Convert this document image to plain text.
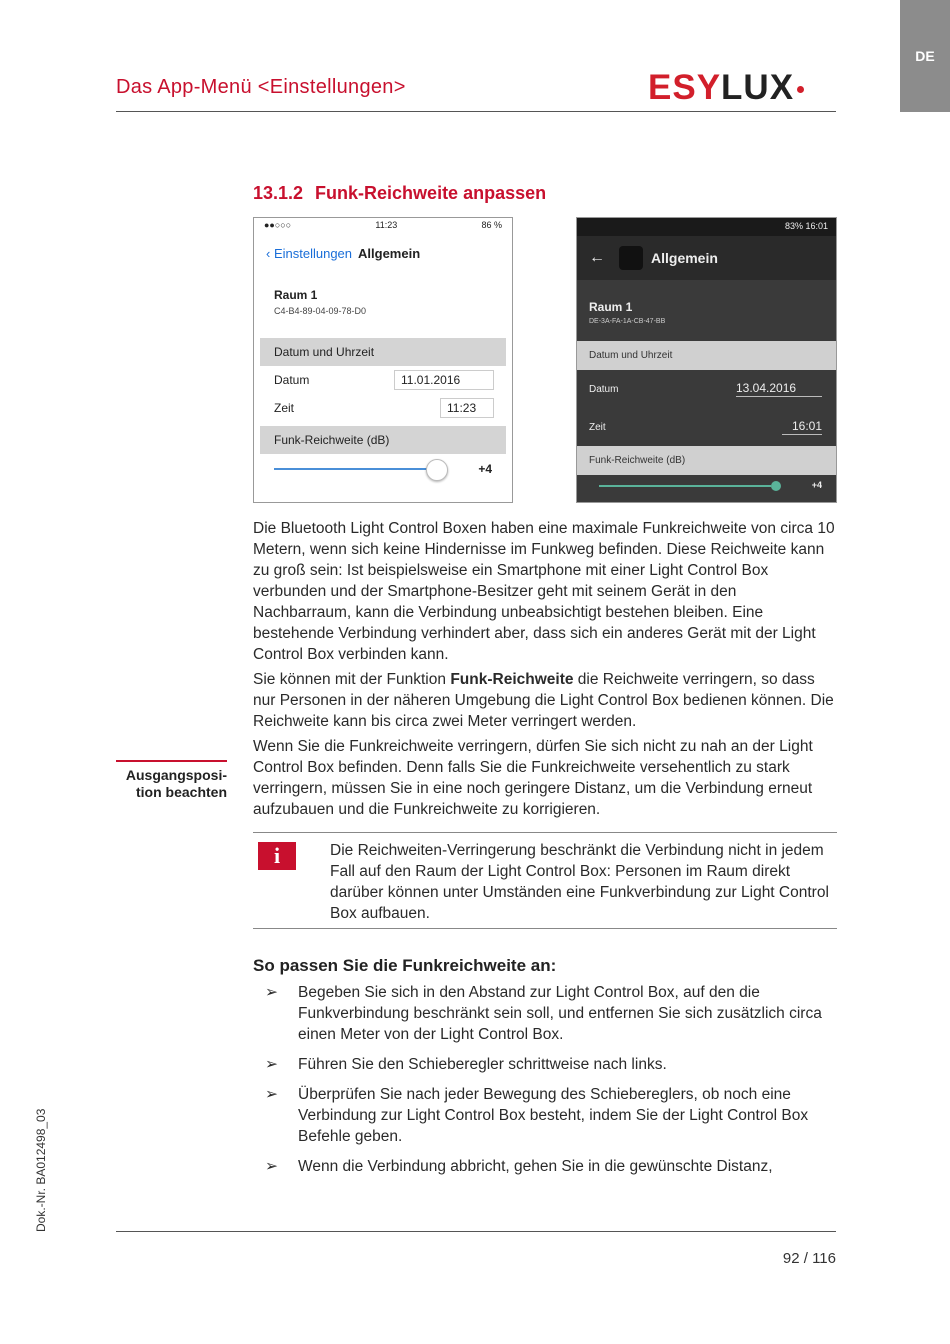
DE
Das App-Menü <Einstellungen>	ESYLUX
13.1.2 Funk-Reichweite anpassen
●●○○○	11:23	86 %
‹ Einstellungen Allgemein
Raum 1
C4-B4-89-04-09-78-D0
Datum und Uhrzeit
Datum	11.01.2016
Zeit	11:23
Funk-Reichweite (dB)
+4
83% 16:01
←	Allgemein
Raum 1
DE-3A-FA-1A-CB-47-BB
Datum und Uhrzeit
Datum	13.04.2016
Zeit	16:01
Funk-Reichweite (dB)
+4

Die Bluetooth Light Control Boxen haben eine maximale Funkreichweite von circa 10 Metern, wenn sich keine Hindernisse im Funkweg befinden. Diese Reichweite kann zu groß sein: Ist beispielsweise ein Smartphone mit einer Light Control Box verbunden und der Smartphone-Besitzer geht mit seinem Gerät in den Nachbarraum, kann die Verbindung unbeabsichtigt bestehen bleiben. Eine bestehende Verbindung verhindert aber, dass sich ein anderes Gerät mit der Light Control Box verbinden kann.

Sie können mit der Funktion Funk-Reichweite die Reichweite verringern, so dass nur Personen in der näheren Umgebung die Light Control Box bedienen können. Die Reichweite kann bis circa zwei Meter verringert werden.

Wenn Sie die Funkreichweite verringern, dürfen Sie sich nicht zu nah an der Light Control Box befinden. Denn falls Sie die Funkreichweite versehentlich zu stark verringern, müssen Sie in eine noch geringere Distanz, um die Verbindung erneut aufzubauen und die Funkreichweite zu korrigieren.

Ausgangsposi-
tion beachten
i	Die Reichweiten-Verringerung beschränkt die Verbindung nicht in jedem Fall auf den Raum der Light Control Box: Personen im Raum direkt darüber können unter Umständen eine Funkverbindung zur Light Control Box aufbauen.
So passen Sie die Funkreichweite an:
➢ Begeben Sie sich in den Abstand zur Light Control Box, auf den die Funkverbindung beschränkt sein soll, und entfernen Sie sich zusätzlich circa einen Meter von der Light Control Box.
➢ Führen Sie den Schieberegler schrittweise nach links.
➢ Überprüfen Sie nach jeder Bewegung des Schiebereglers, ob noch eine Verbindung zur Light Control Box besteht, indem Sie der Light Control Box Befehle geben.
➢ Wenn die Verbindung abbricht, gehen Sie in die gewünschte Distanz,
92 / 116
Dok.-Nr. BA012498_03
